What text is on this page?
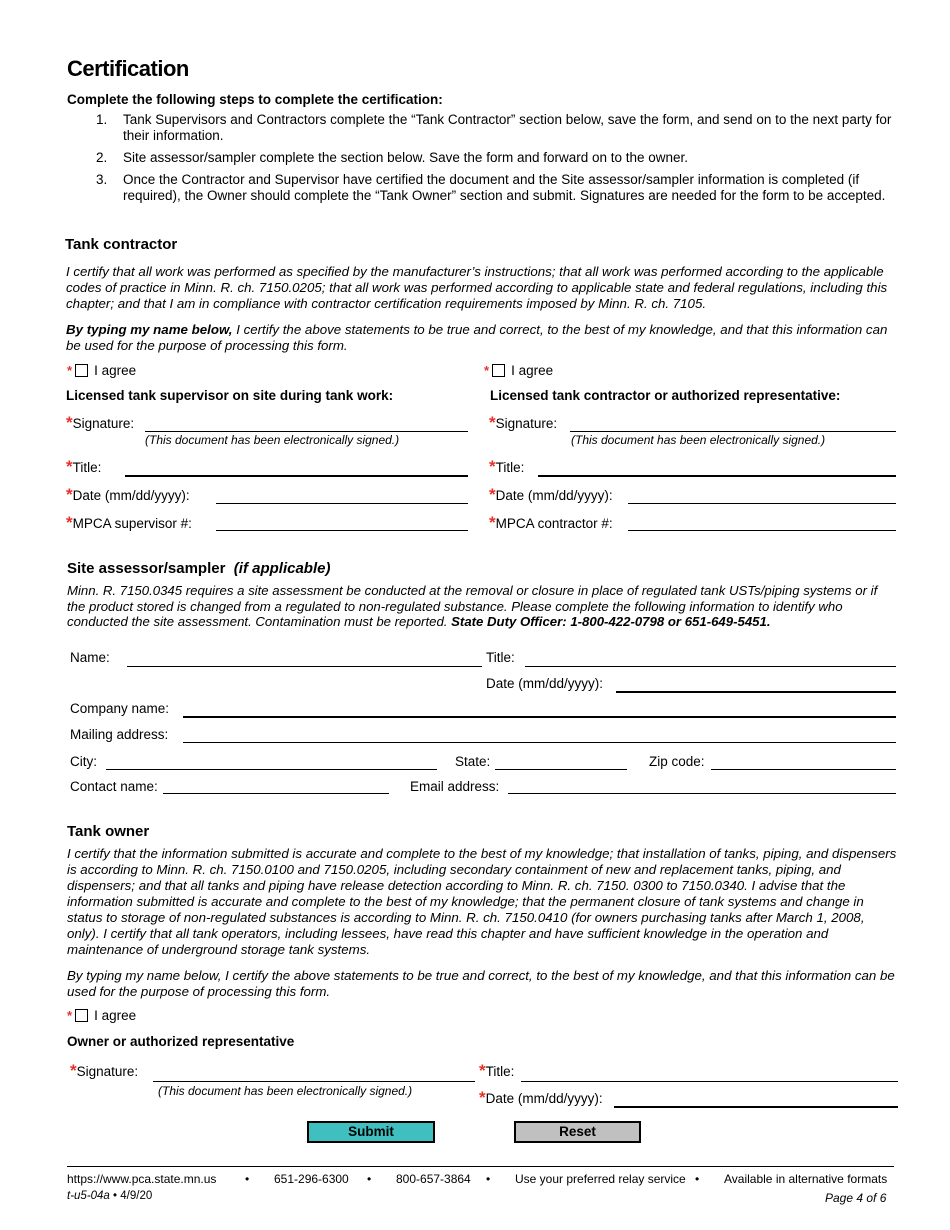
Certification
Complete the following steps to complete the certification:
1. Tank Supervisors and Contractors complete the “Tank Contractor” section below, save the form, and send on to the next party for their information.
2. Site assessor/sampler complete the section below. Save the form and forward on to the owner.
3. Once the Contractor and Supervisor have certified the document and the Site assessor/sampler information is completed (if required), the Owner should complete the “Tank Owner” section and submit. Signatures are needed for the form to be accepted.
Tank contractor
I certify that all work was performed as specified by the manufacturer’s instructions; that all work was performed according to the applicable codes of practice in Minn. R. ch. 7150.0205; that all work was performed according to applicable state and federal regulations, including this chapter; and that I am in compliance with contractor certification requirements imposed by Minn. R. ch. 7105.
By typing my name below, I certify the above statements to be true and correct, to the best of my knowledge, and that this information can be used for the purpose of processing this form.
* I agree
Licensed tank supervisor on site during tank work:
*Signature:
(This document has been electronically signed.)
*Title:
*Date (mm/dd/yyyy):
*MPCA supervisor #:
* I agree
Licensed tank contractor or authorized representative:
*Signature:
(This document has been electronically signed.)
*Title:
*Date (mm/dd/yyyy):
*MPCA contractor #:
Site assessor/sampler (if applicable)
Minn. R. 7150.0345 requires a site assessment be conducted at the removal or closure in place of regulated tank USTs/piping systems or if the product stored is changed from a regulated to non-regulated substance. Please complete the following information to identify who conducted the site assessment. Contamination must be reported. State Duty Officer: 1-800-422-0798 or 651-649-5451.
Name:	Title:
Date (mm/dd/yyyy):
Company name:
Mailing address:
City:	State:	Zip code:
Contact name:	Email address:
Tank owner
I certify that the information submitted is accurate and complete to the best of my knowledge; that installation of tanks, piping, and dispensers is according to Minn. R. ch. 7150.0100 and 7150.0205, including secondary containment of new and replacement tanks, piping, and dispensers; and that all tanks and piping have release detection according to Minn. R. ch. 7150. 0300 to 7150.0340. I advise that the information submitted is accurate and complete to the best of my knowledge; that the permanent closure of tank systems and change in status to storage of non-regulated substances is according to Minn. R. ch. 7150.0410 (for owners purchasing tanks after March 1, 2008, only). I certify that all tank operators, including lessees, have read this chapter and have sufficient knowledge in the operation and maintenance of underground storage tank systems.
By typing my name below, I certify the above statements to be true and correct, to the best of my knowledge, and that this information can be used for the purpose of processing this form.
* I agree
Owner or authorized representative
*Signature:
(This document has been electronically signed.)
*Title:
*Date (mm/dd/yyyy):
Submit	Reset
https://www.pca.state.mn.us • 651-296-6300 • 800-657-3864 • Use your preferred relay service • Available in alternative formats
t-u5-04a • 4/9/20	Page 4 of 6
